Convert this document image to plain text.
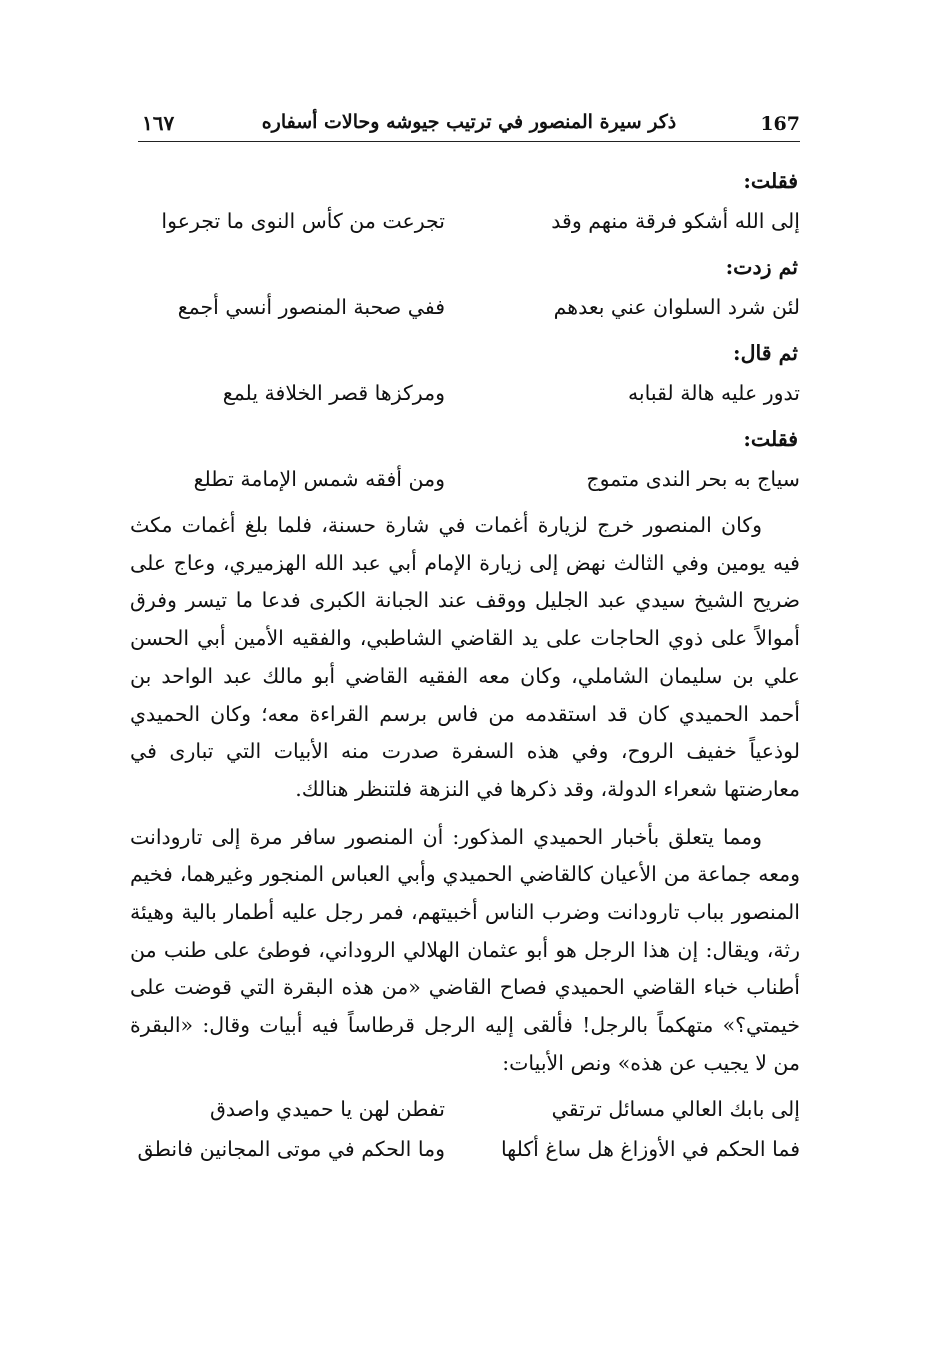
167
ذكر سيرة المنصور في ترتيب جيوشه وحالات أسفاره
١٦٧
فقلت:
إلى الله أشكو فرقة منهم وقد
تجرعت من كأس النوى ما تجرعوا
ثم زدت:
لئن شرد السلوان عني بعدهم
ففي صحبة المنصور أنسي أجمع
ثم قال:
تدور عليه هالة لقبابه
ومركزها قصر الخلافة يلمع
فقلت:
سياج به بحر الندى متموج
ومن أفقه شمس الإمامة تطلع

وكان المنصور خرج لزيارة أغمات في شارة حسنة، فلما بلغ أغمات مكث فيه يومين وفي الثالث نهض إلى زيارة الإمام أبي عبد الله الهزميري، وعاج على ضريح الشيخ سيدي عبد الجليل ووقف عند الجبانة الكبرى فدعا ما تيسر وفرق أموالاً على ذوي الحاجات على يد القاضي الشاطبي، والفقيه الأمين أبي الحسن علي بن سليمان الشاملي، وكان معه الفقيه القاضي أبو مالك عبد الواحد بن أحمد الحميدي كان قد استقدمه من فاس برسم القراءة معه؛ وكان الحميدي لوذعياً خفيف الروح، وفي هذه السفرة صدرت منه الأبيات التي تبارى في معارضتها شعراء الدولة، وقد ذكرها في النزهة فلتنظر هنالك.

ومما يتعلق بأخبار الحميدي المذكور: أن المنصور سافر مرة إلى تارودانت ومعه جماعة من الأعيان كالقاضي الحميدي وأبي العباس المنجور وغيرهما، فخيم المنصور بباب تارودانت وضرب الناس أخبيتهم، فمر رجل عليه أطمار بالية وهيئة رثة، ويقال: إن هذا الرجل هو أبو عثمان الهلالي الروداني، فوطئ على طنب من أطناب خباء القاضي الحميدي فصاح القاضي «من هذه البقرة التي قوضت على خيمتي؟» متهكماً بالرجل! فألقى إليه الرجل قرطاساً فيه أبيات وقال: «البقرة من لا يجيب عن هذه» ونص الأبيات:

إلى بابك العالي مسائل ترتقي
تفطن لهن يا حميدي واصدق
فما الحكم في الأوزاغ هل ساغ أكلها
وما الحكم في موتى المجانين فانطق
